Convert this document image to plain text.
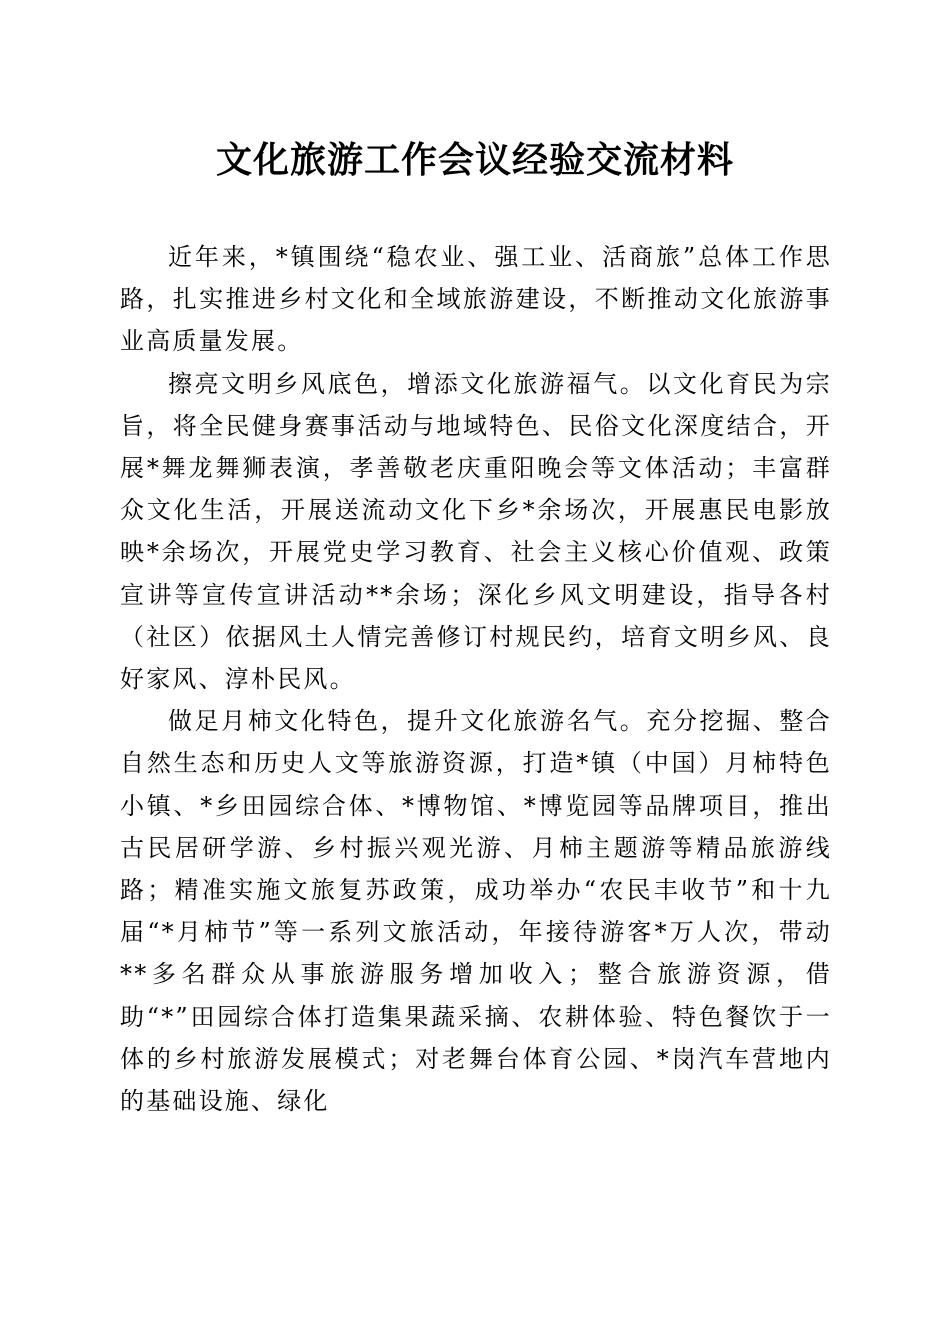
文化旅游工作会议经验交流材料

近年来，*镇围绕“稳农业、强工业、活商旅”总体工作思路，扎实推进乡村文化和全域旅游建设，不断推动文化旅游事业高质量发展。

擦亮文明乡风底色，增添文化旅游福气。以文化育民为宗旨，将全民健身赛事活动与地域特色、民俗文化深度结合，开展*舞龙舞狮表演，孝善敬老庆重阳晚会等文体活动；丰富群众文化生活，开展送流动文化下乡*余场次，开展惠民电影放映*余场次，开展党史学习教育、社会主义核心价值观、政策宣讲等宣传宣讲活动**余场；深化乡风文明建设，指导各村（社区）依据风土人情完善修订村规民约，培育文明乡风、良好家风、淳朴民风。

做足月柿文化特色，提升文化旅游名气。充分挖掘、整合自然生态和历史人文等旅游资源，打造*镇（中国）月柿特色小镇、*乡田园综合体、*博物馆、*博览园等品牌项目，推出古民居研学游、乡村振兴观光游、月柿主题游等精品旅游线路；精准实施文旅复苏政策，成功举办“农民丰收节”和十九届“*月柿节”等一系列文旅活动，年接待游客*万人次，带动**多名群众从事旅游服务增加收入；整合旅游资源，借助“*”田园综合体打造集果蔬采摘、农耕体验、特色餐饮于一体的乡村旅游发展模式；对老舞台体育公园、*岗汽车营地内的基础设施、绿化
